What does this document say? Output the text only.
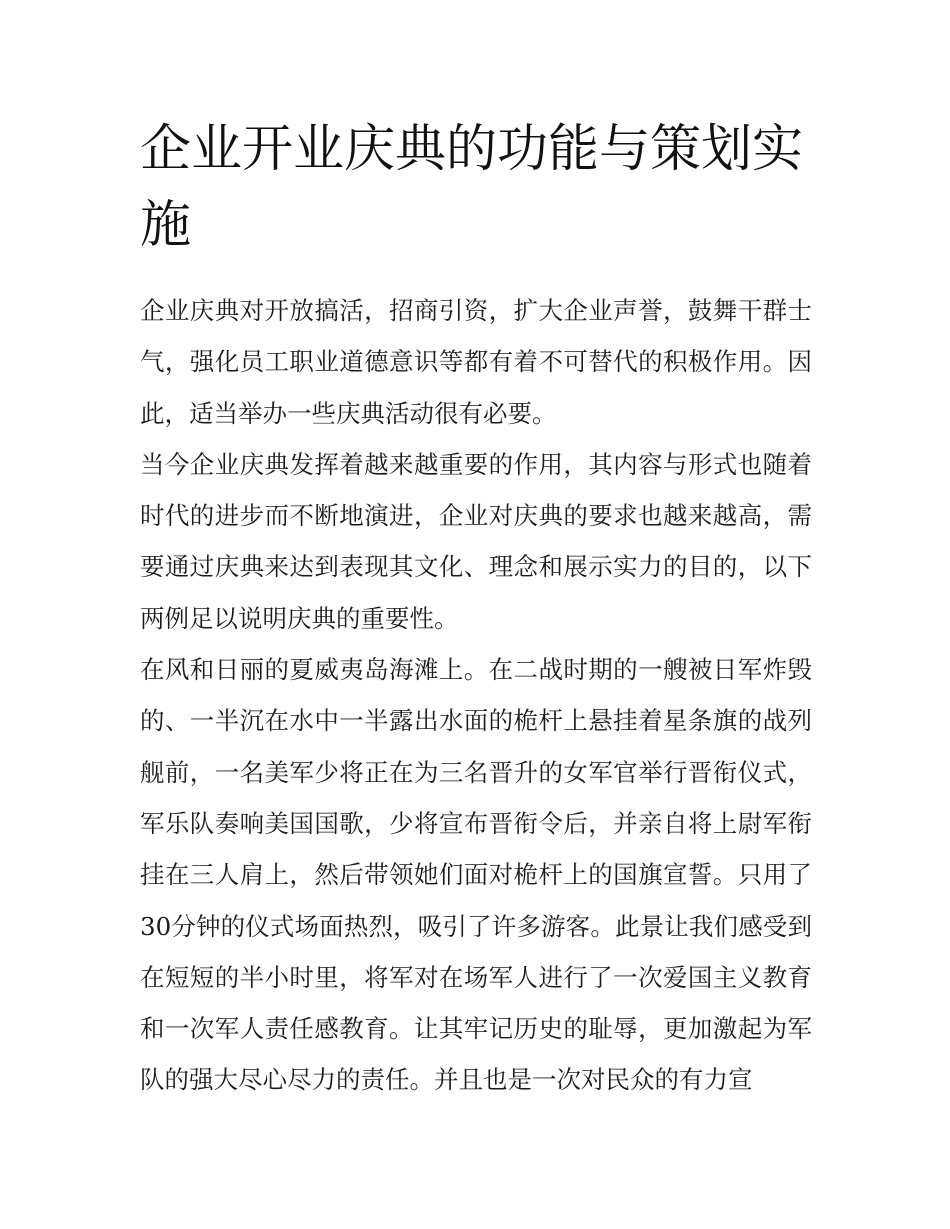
企业开业庆典的功能与策划实施

企业庆典对开放搞活，招商引资，扩大企业声誉，鼓舞干群士气，强化员工职业道德意识等都有着不可替代的积极作用。因此，适当举办一些庆典活动很有必要。

当今企业庆典发挥着越来越重要的作用，其内容与形式也随着时代的进步而不断地演进，企业对庆典的要求也越来越高，需要通过庆典来达到表现其文化、理念和展示实力的目的，以下两例足以说明庆典的重要性。

在风和日丽的夏威夷岛海滩上。在二战时期的一艘被日军炸毁的、一半沉在水中一半露出水面的桅杆上悬挂着星条旗的战列舰前，一名美军少将正在为三名晋升的女军官举行晋衔仪式，军乐队奏响美国国歌，少将宣布晋衔令后，并亲自将上尉军衔挂在三人肩上，然后带领她们面对桅杆上的国旗宣誓。只用了30分钟的仪式场面热烈，吸引了许多游客。此景让我们感受到在短短的半小时里，将军对在场军人进行了一次爱国主义教育和一次军人责任感教育。让其牢记历史的耻辱，更加激起为军队的强大尽心尽力的责任。并且也是一次对民众的有力宣
